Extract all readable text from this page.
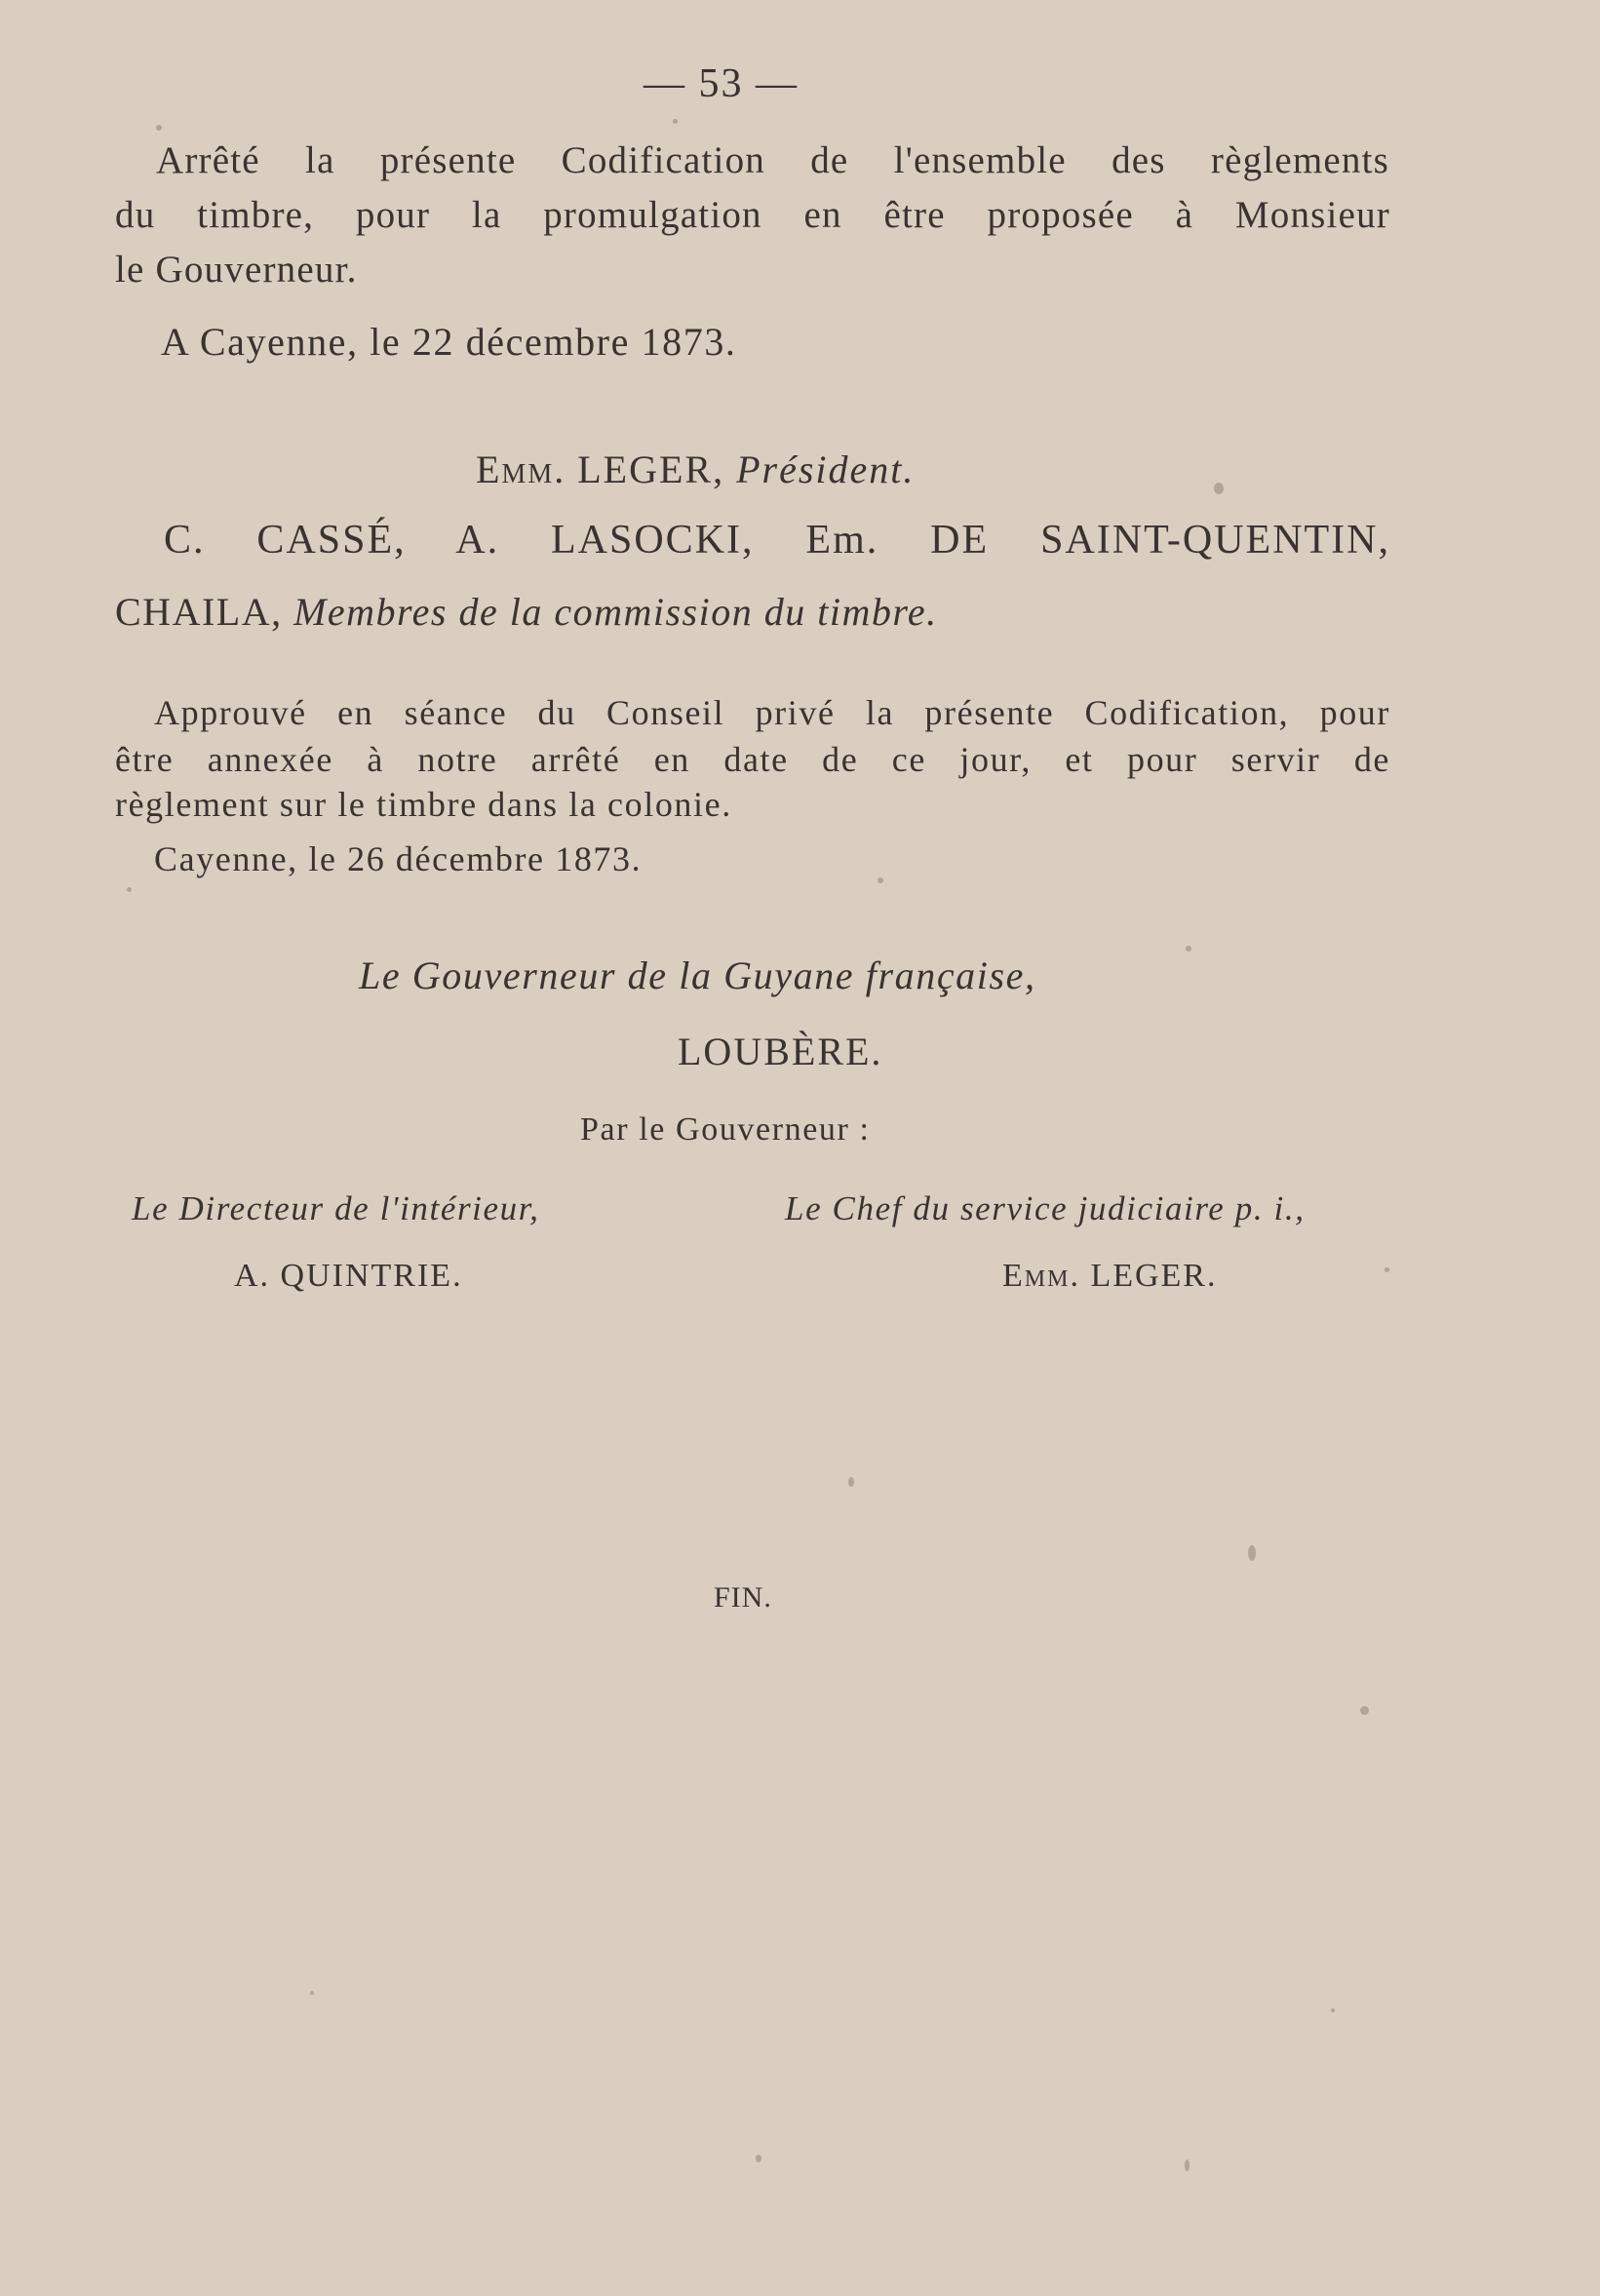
— 53 —
Arrêté la présente Codification de l'ensemble des règlements
du timbre, pour la promulgation en être proposée à Monsieur
le Gouverneur.
A Cayenne, le 22 décembre 1873.
Emm. LEGER, Président.
C. CASSÉ, A. LASOCKI, Em. DE SAINT-QUENTIN,
CHAILA, Membres de la commission du timbre.
Approuvé en séance du Conseil privé la présente Codification, pour
être annexée à notre arrêté en date de ce jour, et pour servir de
règlement sur le timbre dans la colonie.
Cayenne, le 26 décembre 1873.
Le Gouverneur de la Guyane française,
LOUBÈRE.
Par le Gouverneur :
Le Directeur de l'intérieur,	Le Chef du service judiciaire p. i.,
A. QUINTRIE.	Emm. LEGER.
FIN.
